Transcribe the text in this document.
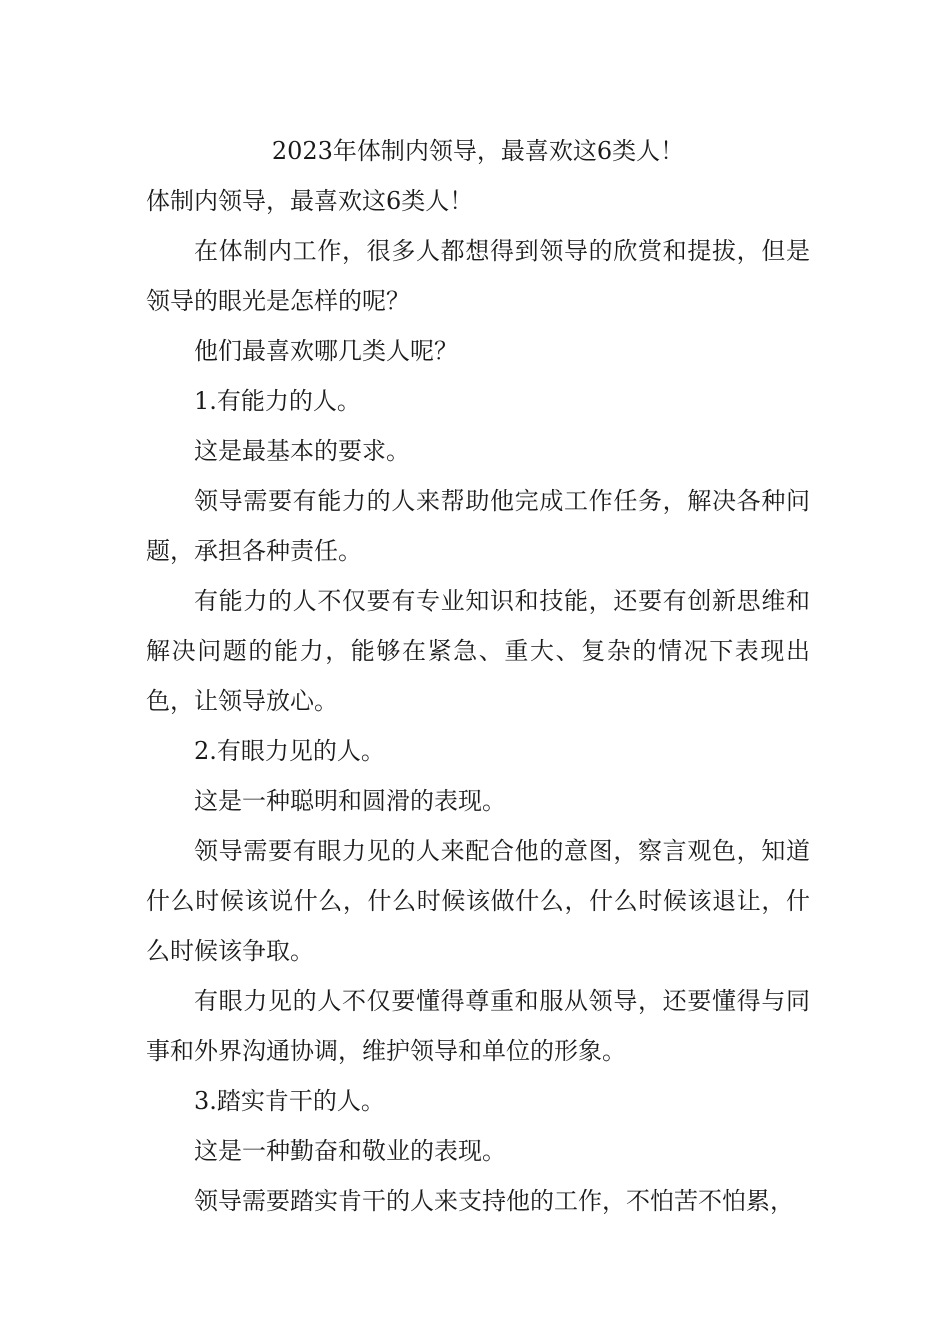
2023年体制内领导，最喜欢这6类人！

体制内领导，最喜欢这6类人！

在体制内工作，很多人都想得到领导的欣赏和提拔，但是领导的眼光是怎样的呢？

他们最喜欢哪几类人呢？

1.有能力的人。

这是最基本的要求。

领导需要有能力的人来帮助他完成工作任务，解决各种问题，承担各种责任。

有能力的人不仅要有专业知识和技能，还要有创新思维和解决问题的能力，能够在紧急、重大、复杂的情况下表现出色，让领导放心。

2.有眼力见的人。

这是一种聪明和圆滑的表现。

领导需要有眼力见的人来配合他的意图，察言观色，知道什么时候该说什么，什么时候该做什么，什么时候该退让，什么时候该争取。

有眼力见的人不仅要懂得尊重和服从领导，还要懂得与同事和外界沟通协调，维护领导和单位的形象。

3.踏实肯干的人。

这是一种勤奋和敬业的表现。

领导需要踏实肯干的人来支持他的工作，不怕苦不怕累，
